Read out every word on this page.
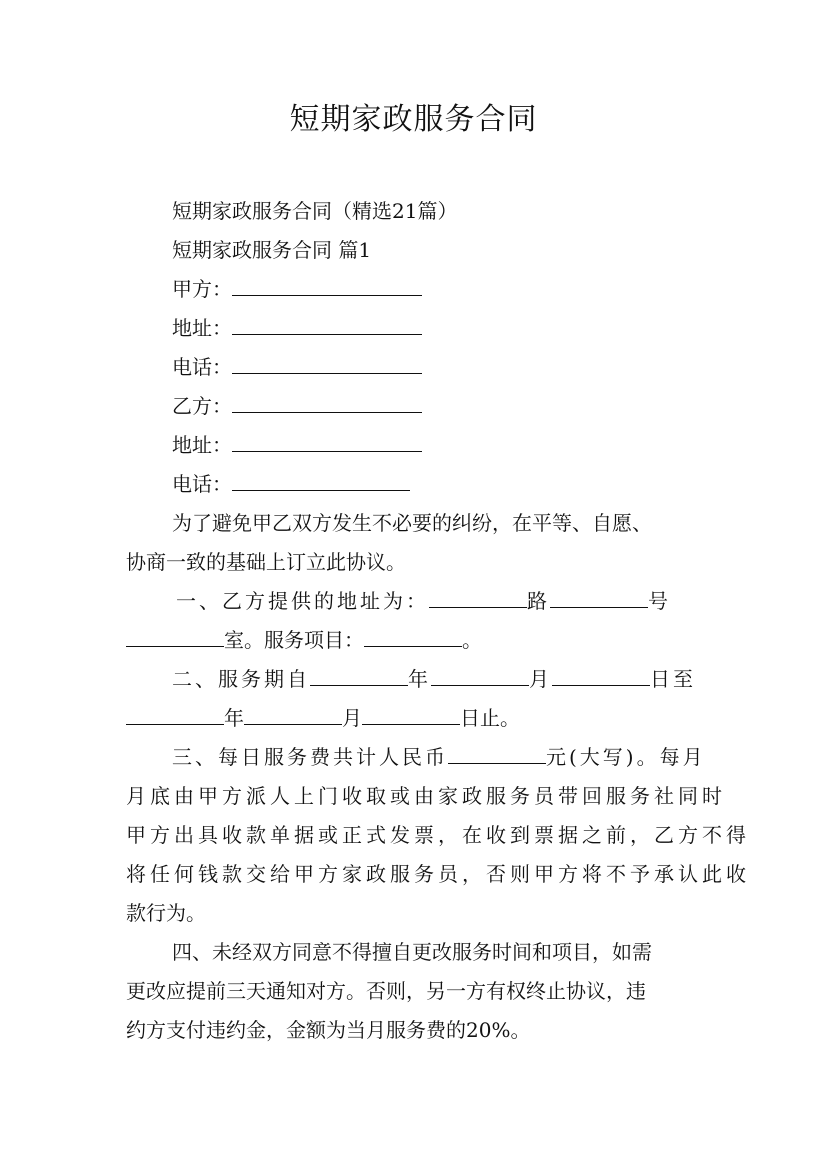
短期家政服务合同

短期家政服务合同（精选21篇）

短期家政服务合同 篇1

甲方：

地址：

电话：

乙方：

地址：

电话：

为了避免甲乙双方发生不必要的纠纷，在平等、自愿、

协商一致的基础上订立此协议。

一、乙方提供的地址为：	路	号

室。服务项目：	。

二、服务期自	年	月	日至

年	月	日止。

三、每日服务费共计人民币	元(大写)。每月

月底由甲方派人上门收取或由家政服务员带回服务社同时

甲方出具收款单据或正式发票，在收到票据之前，乙方不得

将任何钱款交给甲方家政服务员，否则甲方将不予承认此收

款行为。

四、未经双方同意不得擅自更改服务时间和项目，如需

更改应提前三天通知对方。否则，另一方有权终止协议，违

约方支付违约金，金额为当月服务费的20%。
